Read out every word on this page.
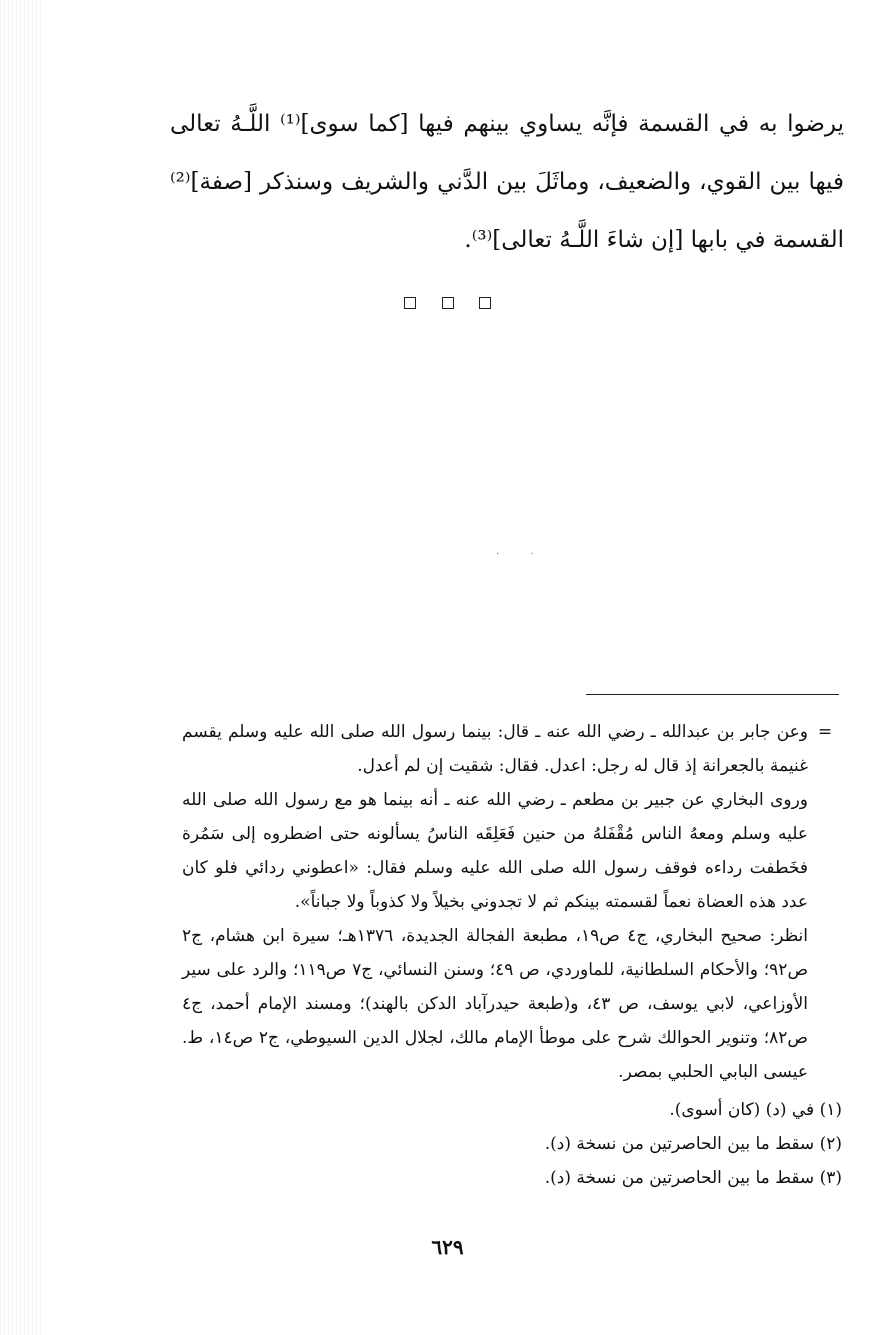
يرضوا به في القسمة فإنَّه يساوي بينهم فيها [كما سوى]⁽¹⁾ اللَّـهُ تعالى فيها بين القوي، والضعيف، وماثَلَ بين الدَّني والشريف وسنذكر [صفة]⁽²⁾ القسمة في بابها [إن شاءَ اللَّـهُ تعالى]⁽³⁾.

. .
=

وعن جابر بن عبدالله ـ رضي الله عنه ـ قال: بينما رسول الله صلى الله عليه وسلم يقسم غنيمة بالجعرانة إذ قال له رجل: اعدل. فقال: شقيت إن لم أعدل.

وروى البخاري عن جبير بن مطعم ـ رضي الله عنه ـ أنه بينما هو مع رسول الله صلى الله عليه وسلم ومعهُ الناس مُقْفَلهُ من حنين فَعَلِقَه الناسُ يسألونه حتى اضطروه إلى سَمُرة فخَطفت رداءه فوقف رسول الله صلى الله عليه وسلم فقال: «اعطوني ردائي فلو كان عدد هذه العضاة نعماً لقسمته بينكم ثم لا تجدوني بخيلاً ولا كذوباً ولا جباناً».

انظر: صحيح البخاري، ج٤ ص١٩، مطبعة الفجالة الجديدة، ١٣٧٦هـ؛ سيرة ابن هشام، ج٢ ص٩٢؛ والأحكام السلطانية، للماوردي، ص ٤٩؛ وسنن النسائي، ج٧ ص١١٩؛ والرد على سير الأوزاعي، لابي يوسف، ص ٤٣، و(طبعة حيدرآباد الدكن بالهند)؛ ومسند الإمام أحمد، ج٤ ص٨٢؛ وتنوير الحوالك شرح على موطأ الإمام مالك، لجلال الدين السيوطي، ج٢ ص١٤، ط. عيسى البابي الحلبي بمصر.

(١) في (د) (كان أسوى).
(٢) سقط ما بين الحاصرتين من نسخة (د).
(٣) سقط ما بين الحاصرتين من نسخة (د).
٦٢٩
